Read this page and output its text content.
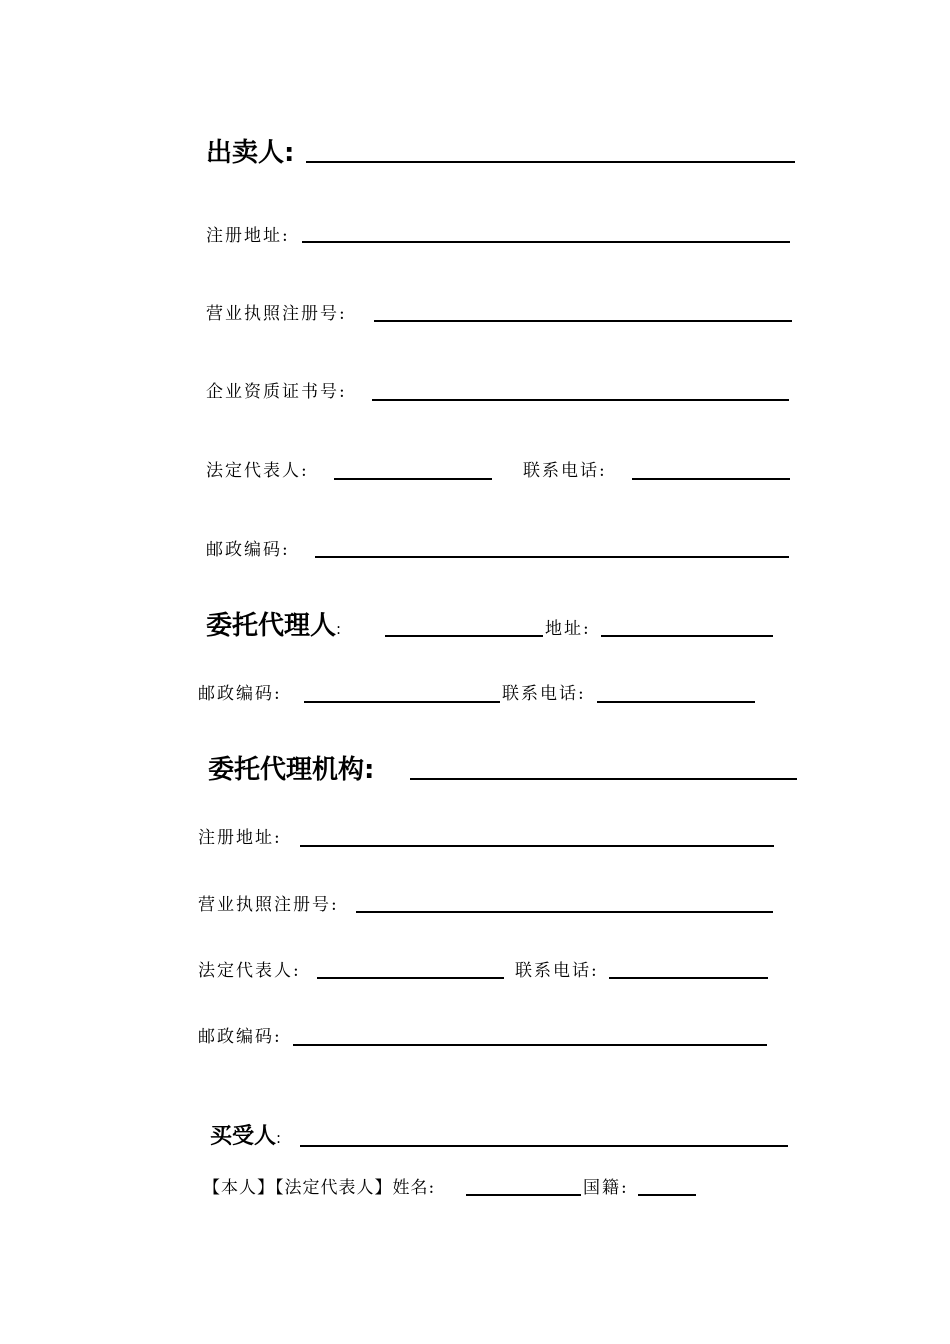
出卖人:
注册地址:
营业执照注册号:
企业资质证书号:
法定代表人:	联系电话:
邮政编码:
委托代理人:	地址:
邮政编码:	联系电话:
委托代理机构:
注册地址:
营业执照注册号:
法定代表人:	联系电话:
邮政编码:
买受人:
【本人】【法定代表人】姓名:	国籍:
